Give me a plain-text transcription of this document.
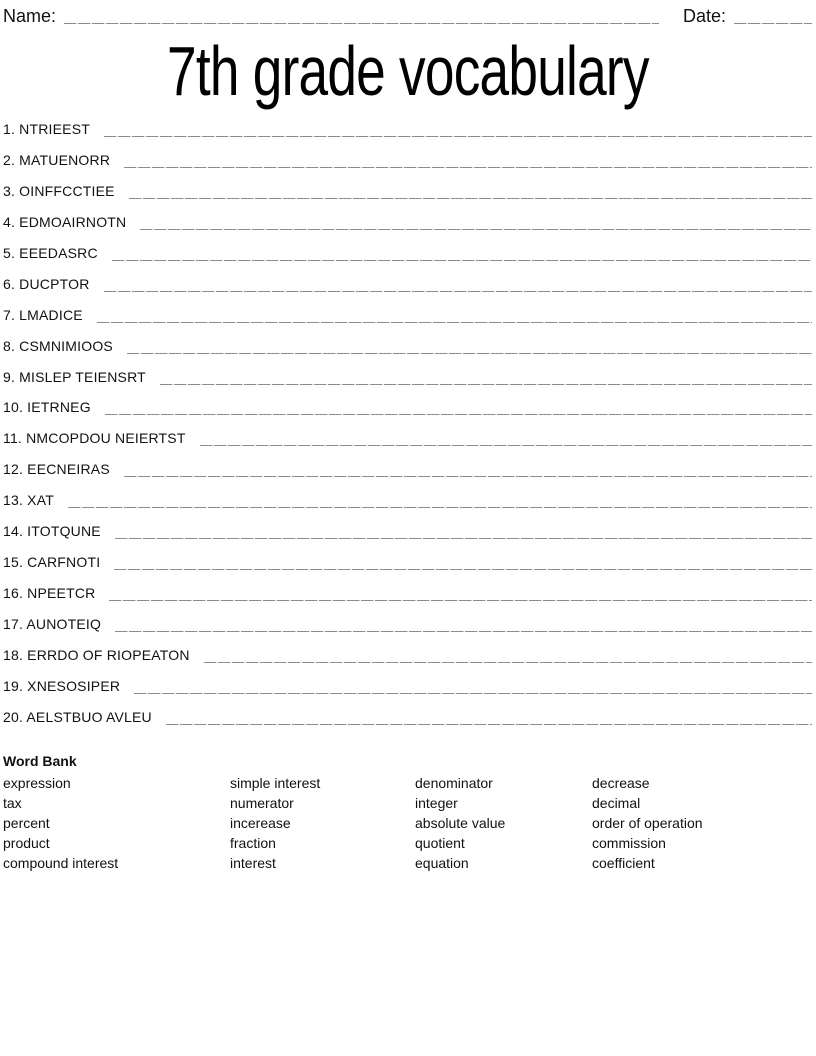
Name:	Date:
7th grade vocabulary
1. NTRIEEST
2. MATUENORR
3. OINFFCCTIEE
4. EDMOAIRNOTN
5. EEEDASRC
6. DUCPTOR
7. LMADICE
8. CSMNIMIOOS
9. MISLEP TEIENSRT
10. IETRNEG
11. NMCOPDOU NEIERTST
12. EECNEIRAS
13. XAT
14. ITOTQUNE
15. CARFNOTI
16. NPEETCR
17. AUNOTEIQ
18. ERRDO OF RIOPEATON
19. XNESOSIPER
20. AELSTBUO AVLEU
Word Bank
expression
tax
percent
product
compound interest
simple interest
numerator
incerease
fraction
interest
denominator
integer
absolute value
quotient
equation
decrease
decimal
order of operation
commission
coefficient
